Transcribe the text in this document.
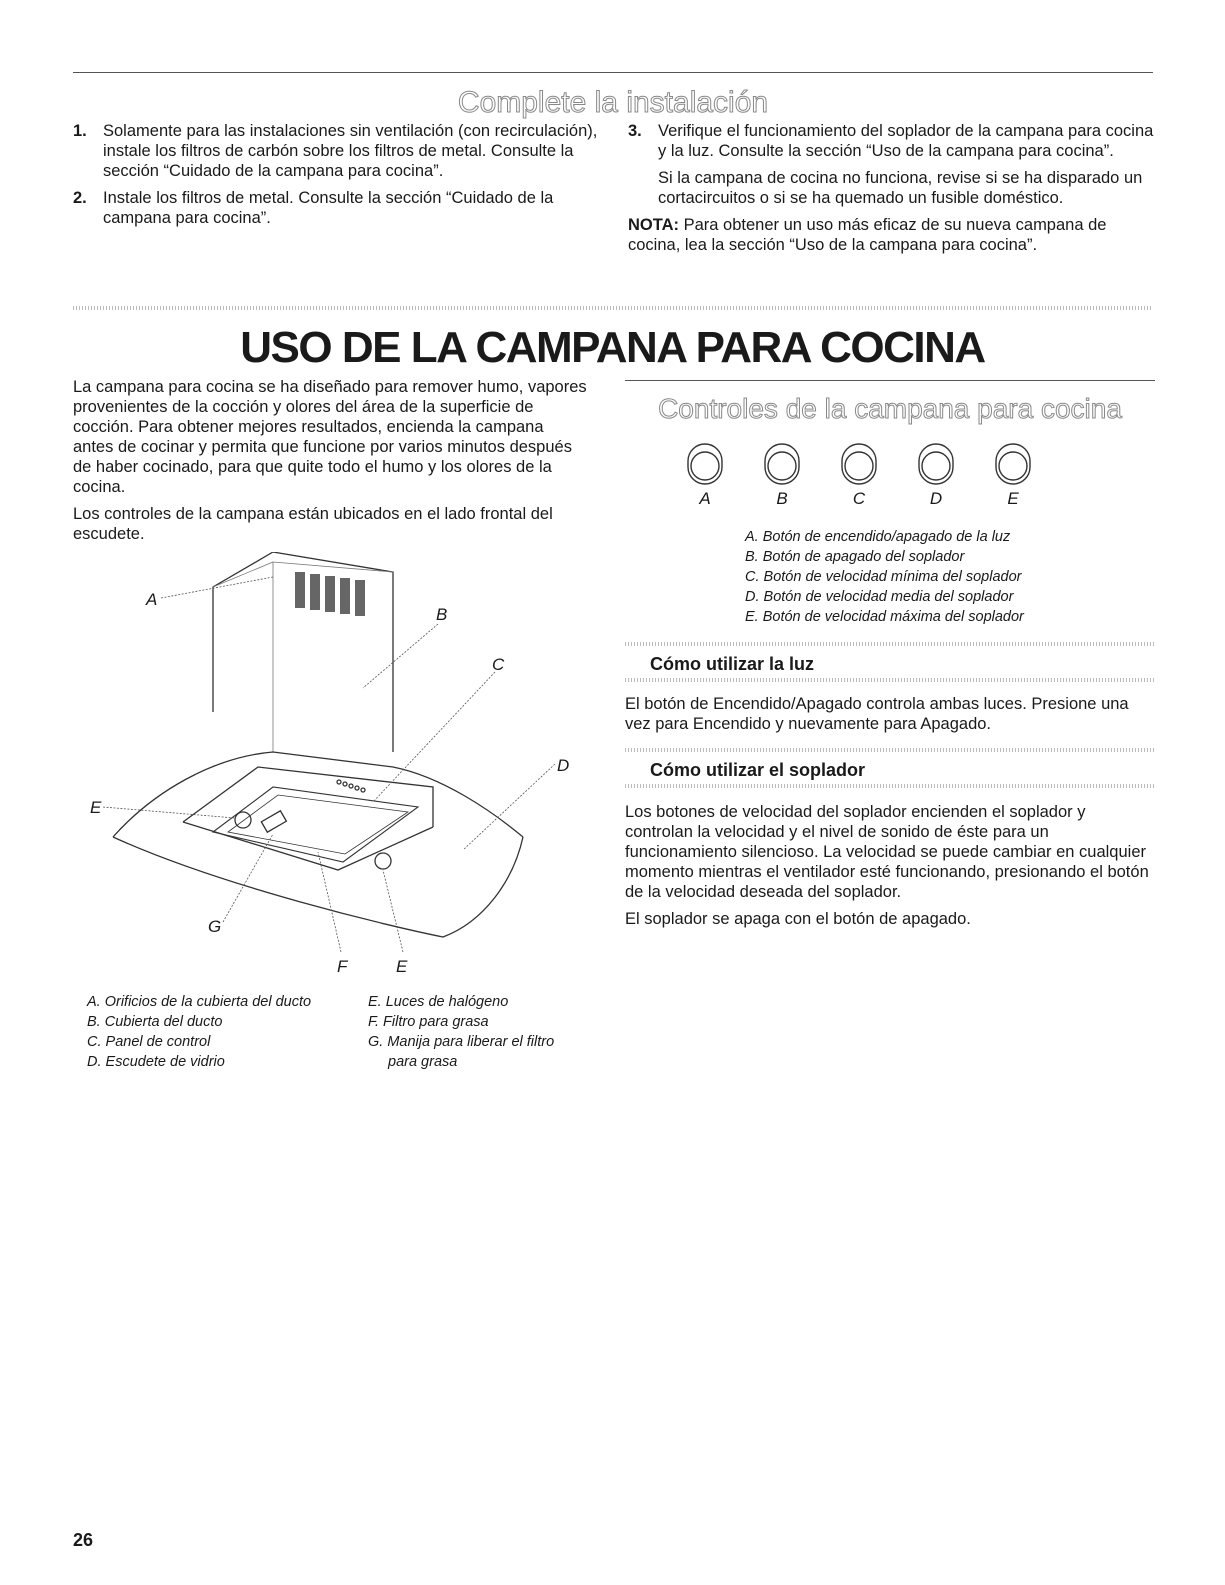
Complete la instalación
1. Solamente para las instalaciones sin ventilación (con recirculación), instale los filtros de carbón sobre los filtros de metal. Consulte la sección “Cuidado de la campana para cocina”.
2. Instale los filtros de metal. Consulte la sección “Cuidado de la campana para cocina”.
3. Verifique el funcionamiento del soplador de la campana para cocina y la luz. Consulte la sección “Uso de la campana para cocina”.

Si la campana de cocina no funciona, revise si se ha disparado un cortacircuitos o si se ha quemado un fusible doméstico.

NOTA: Para obtener un uso más eficaz de su nueva campana de cocina, lea la sección “Uso de la campana para cocina”.

USO DE LA CAMPANA PARA COCINA

La campana para cocina se ha diseñado para remover humo, vapores provenientes de la cocción y olores del área de la superficie de cocción. Para obtener mejores resultados, encienda la campana antes de cocinar y permita que funcione por varios minutos después de haber cocinado, para que quite todo el humo y los olores de la cocina.

Los controles de la campana están ubicados en el lado frontal del escudete.

A
B
C
D
E
G
F	E
A. Orificios de la cubierta del ducto
B. Cubierta del ducto
C. Panel de control
D. Escudete de vidrio
E. Luces de halógeno
F. Filtro para grasa
G. Manija para liberar el filtro
para grasa
Controles de la campana para cocina
A	B	C	D	E
A. Botón de encendido/apagado de la luz
B. Botón de apagado del soplador
C. Botón de velocidad mínima del soplador
D. Botón de velocidad media del soplador
E. Botón de velocidad máxima del soplador
Cómo utilizar la luz

El botón de Encendido/Apagado controla ambas luces. Presione una vez para Encendido y nuevamente para Apagado.

Cómo utilizar el soplador

Los botones de velocidad del soplador encienden el soplador y controlan la velocidad y el nivel de sonido de éste para un funcionamiento silencioso. La velocidad se puede cambiar en cualquier momento mientras el ventilador esté funcionando, presionando el botón de la velocidad deseada del soplador.

El soplador se apaga con el botón de apagado.

26
